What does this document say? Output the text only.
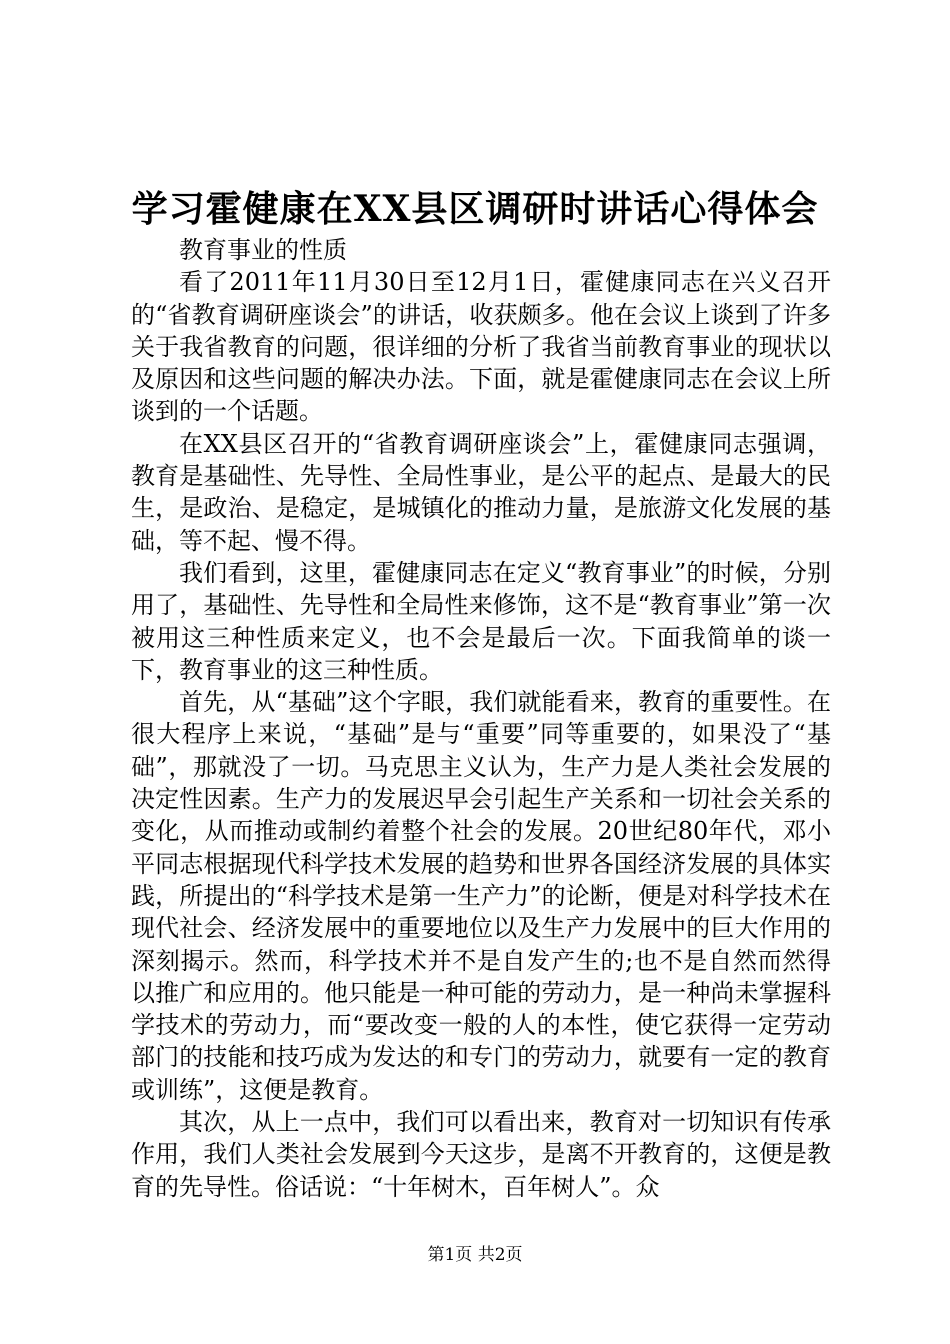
学习霍健康在XX县区调研时讲话心得体会

教育事业的性质

看了2011年11月30日至12月1日，霍健康同志在兴义召开的“省教育调研座谈会”的讲话，收获颇多。他在会议上谈到了许多关于我省教育的问题，很详细的分析了我省当前教育事业的现状以及原因和这些问题的解决办法。下面，就是霍健康同志在会议上所谈到的一个话题。

在XX县区召开的“省教育调研座谈会”上，霍健康同志强调，教育是基础性、先导性、全局性事业，是公平的起点、是最大的民生，是政治、是稳定，是城镇化的推动力量，是旅游文化发展的基础，等不起、慢不得。

我们看到，这里，霍健康同志在定义“教育事业”的时候，分别用了，基础性、先导性和全局性来修饰，这不是“教育事业”第一次被用这三种性质来定义，也不会是最后一次。下面我简单的谈一下，教育事业的这三种性质。

首先，从“基础”这个字眼，我们就能看来，教育的重要性。在很大程序上来说，“基础”是与“重要”同等重要的，如果没了“基础”，那就没了一切。马克思主义认为，生产力是人类社会发展的决定性因素。生产力的发展迟早会引起生产关系和一切社会关系的变化，从而推动或制约着整个社会的发展。20世纪80年代，邓小平同志根据现代科学技术发展的趋势和世界各国经济发展的具体实践，所提出的“科学技术是第一生产力”的论断，便是对科学技术在现代社会、经济发展中的重要地位以及生产力发展中的巨大作用的深刻揭示。然而，科学技术并不是自发产生的;也不是自然而然得以推广和应用的。他只能是一种可能的劳动力，是一种尚未掌握科学技术的劳动力，而“要改变一般的人的本性，使它获得一定劳动部门的技能和技巧成为发达的和专门的劳动力，就要有一定的教育或训练”，这便是教育。

其次，从上一点中，我们可以看出来，教育对一切知识有传承作用，我们人类社会发展到今天这步，是离不开教育的，这便是教育的先导性。俗话说：“十年树木，百年树人”。众

第1页 共2页
